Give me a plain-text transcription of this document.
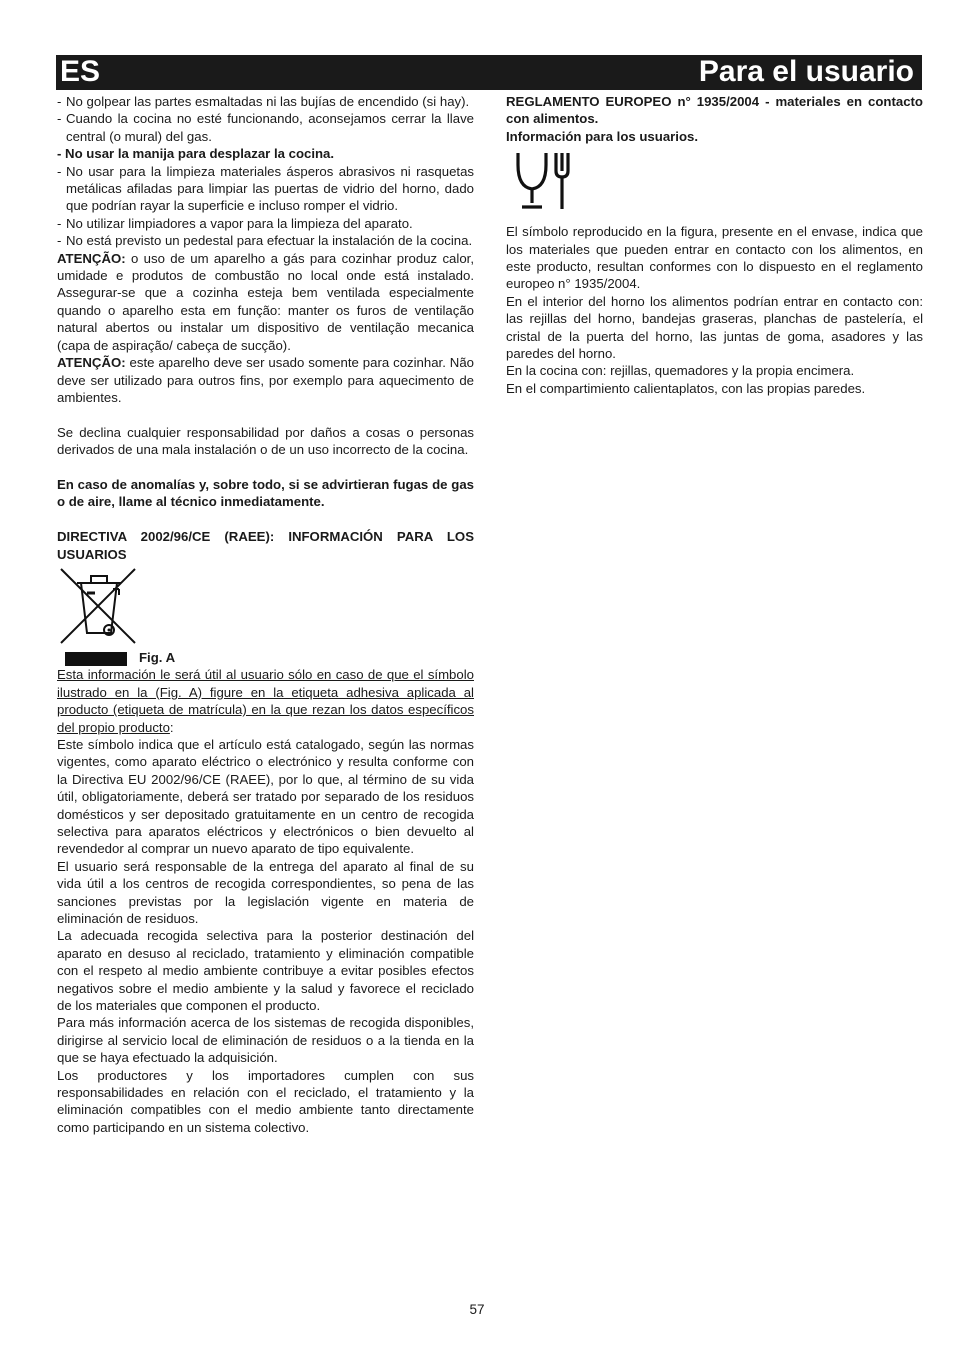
ES	Para el usuario

- No golpear las partes esmaltadas ni las bujías de encendido (si hay).

- Cuando la cocina no esté funcionando, aconsejamos cerrar la llave central (o mural) del gas.

- No usar la manija para desplazar la cocina.

- No usar para la limpieza materiales ásperos abrasivos ni rasquetas metálicas afiladas para limpiar las puertas de vidrio del horno, dado que podrían rayar la superficie e incluso romper el vidrio.

- No utilizar limpiadores a vapor para la limpieza del aparato.

- No está previsto un pedestal para efectuar la instalación de la cocina.

ATENÇÃO: o uso de um aparelho a gás para cozinhar produz calor, umidade e produtos de combustão no local onde está instalado. Assegurar-se que a cozinha esteja bem ventilada especialmente quando o aparelho esta em função: manter os furos de ventilação natural abertos ou instalar um dispositivo de ventilação mecanica (capa de aspiração/ cabeça de sucção).

ATENÇÃO: este aparelho deve ser usado somente para cozinhar. Não deve ser utilizado para outros fins, por exemplo para aquecimento de ambientes.

Se declina cualquier responsabilidad por daños a cosas o personas derivados de una mala instalación o de un uso incorrecto de la cocina.

En caso de anomalías y, sobre todo, si se advirtieran fugas de gas o de aire, llame al técnico inmediatamente.

DIRECTIVA 2002/96/CE (RAEE): INFORMACIÓN PARA LOS USUARIOS

Fig. A

Esta información le será útil al usuario sólo en caso de que el símbolo ilustrado en la (Fig. A) figure en la etiqueta adhesiva aplicada al producto (etiqueta de matrícula) en la que rezan los datos específicos del propio producto:

Este símbolo indica que el artículo está catalogado, según las normas vigentes, como aparato eléctrico o electrónico y resulta conforme con la Directiva EU 2002/96/CE (RAEE), por lo que, al término de su vida útil, obligatoriamente, deberá ser tratado por separado de los residuos domésticos y ser depositado gratuitamente en un centro de recogida selectiva para aparatos eléctricos y electrónicos o bien devuelto al revendedor al comprar un nuevo aparato de tipo equivalente.

El usuario será responsable de la entrega del aparato al final de su vida útil a los centros de recogida correspondientes, so pena de las sanciones previstas por la legislación vigente en materia de eliminación de residuos.

La adecuada recogida selectiva para la posterior destinación del aparato en desuso al reciclado, tratamiento y eliminación compatible con el respeto al medio ambiente contribuye a evitar posibles efectos negativos sobre el medio ambiente y la salud y favorece el reciclado de los materiales que componen el producto.

Para más información acerca de los sistemas de recogida disponibles, dirigirse al servicio local de eliminación de residuos o a la tienda en la que se haya efectuado la adquisición.

Los productores y los importadores cumplen con sus responsabilidades en relación con el reciclado, el tratamiento y la eliminación compatibles con el medio ambiente tanto directamente como participando en un sistema colectivo.

REGLAMENTO EUROPEO n° 1935/2004 - materiales en contacto con alimentos.

Información para los usuarios.

El símbolo reproducido en la figura, presente en el envase, indica que los materiales que pueden entrar en contacto con los alimentos, en este producto, resultan conformes con lo dispuesto en el reglamento europeo n° 1935/2004.

En el interior del horno los alimentos podrían entrar en contacto con: las rejillas del horno, bandejas graseras, planchas de pastelería, el cristal de la puerta del horno, las juntas de goma, asadores y las paredes del horno.

En la cocina con: rejillas, quemadores y la propia encimera.

En el compartimiento calientaplatos, con las propias paredes.

57
